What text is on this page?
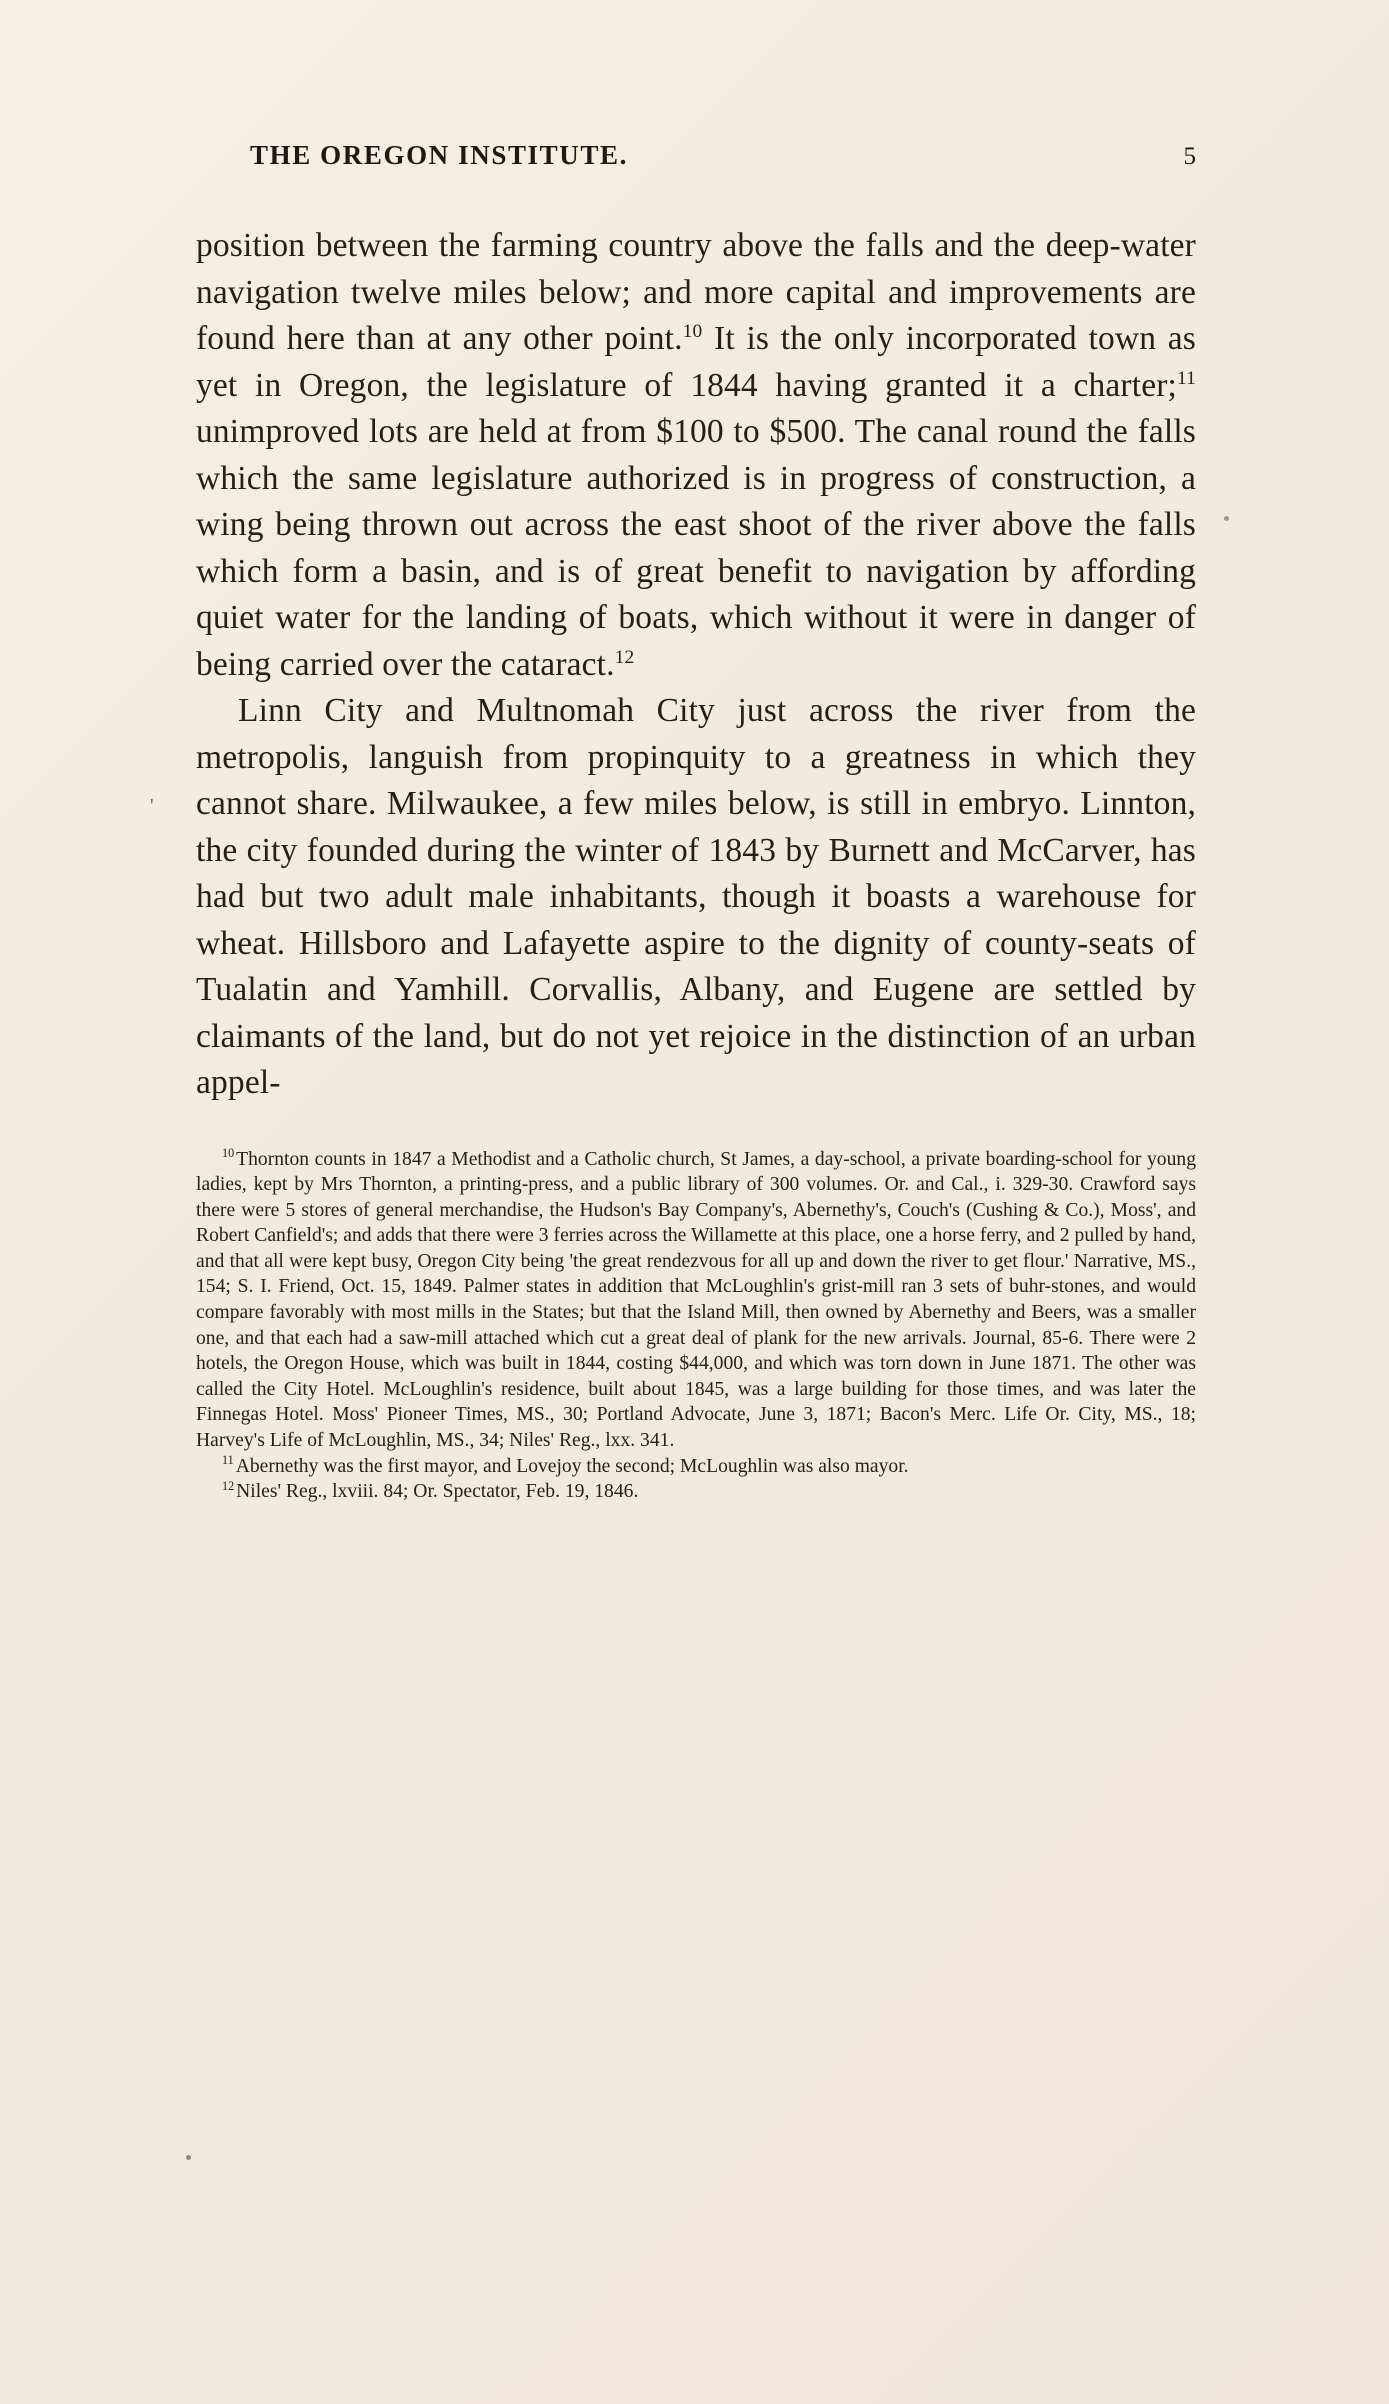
'
THE OREGON INSTITUTE.	5

position between the farming country above the falls and the deep-water navigation twelve miles below; and more capital and improvements are found here than at any other point.$^{10}$ It is the only incorporated town as yet in Oregon, the legislature of 1844 having granted it a charter;$^{11}$ unimproved lots are held at from $100 to $500. The canal round the falls which the same legislature authorized is in progress of construction, a wing being thrown out across the east shoot of the river above the falls which form a basin, and is of great benefit to navigation by affording quiet water for the landing of boats, which without it were in danger of being carried over the cataract.$^{12}$

Linn City and Multnomah City just across the river from the metropolis, languish from propinquity to a greatness in which they cannot share. Milwaukee, a few miles below, is still in embryo. Linnton, the city founded during the winter of 1843 by Burnett and McCarver, has had but two adult male inhabitants, though it boasts a warehouse for wheat. Hillsboro and Lafayette aspire to the dignity of county-seats of Tualatin and Yamhill. Corvallis, Albany, and Eugene are settled by claimants of the land, but do not yet rejoice in the distinction of an urban appel-

$^{10}$ Thornton counts in 1847 a Methodist and a Catholic church, St James, a day-school, a private boarding-school for young ladies, kept by Mrs Thornton, a printing-press, and a public library of 300 volumes. Or. and Cal., i. 329-30. Crawford says there were 5 stores of general merchandise, the Hudson's Bay Company's, Abernethy's, Couch's (Cushing & Co.), Moss', and Robert Canfield's; and adds that there were 3 ferries across the Willamette at this place, one a horse ferry, and 2 pulled by hand, and that all were kept busy, Oregon City being 'the great rendezvous for all up and down the river to get flour.' Narrative, MS., 154; S. I. Friend, Oct. 15, 1849. Palmer states in addition that McLoughlin's grist-mill ran 3 sets of buhr-stones, and would compare favorably with most mills in the States; but that the Island Mill, then owned by Abernethy and Beers, was a smaller one, and that each had a saw-mill attached which cut a great deal of plank for the new arrivals. Journal, 85-6. There were 2 hotels, the Oregon House, which was built in 1844, costing $44,000, and which was torn down in June 1871. The other was called the City Hotel. McLoughlin's residence, built about 1845, was a large building for those times, and was later the Finnegas Hotel. Moss' Pioneer Times, MS., 30; Portland Advocate, June 3, 1871; Bacon's Merc. Life Or. City, MS., 18; Harvey's Life of McLoughlin, MS., 34; Niles' Reg., lxx. 341.

$^{11}$ Abernethy was the first mayor, and Lovejoy the second; McLoughlin was also mayor.

$^{12}$ Niles' Reg., lxviii. 84; Or. Spectator, Feb. 19, 1846.
